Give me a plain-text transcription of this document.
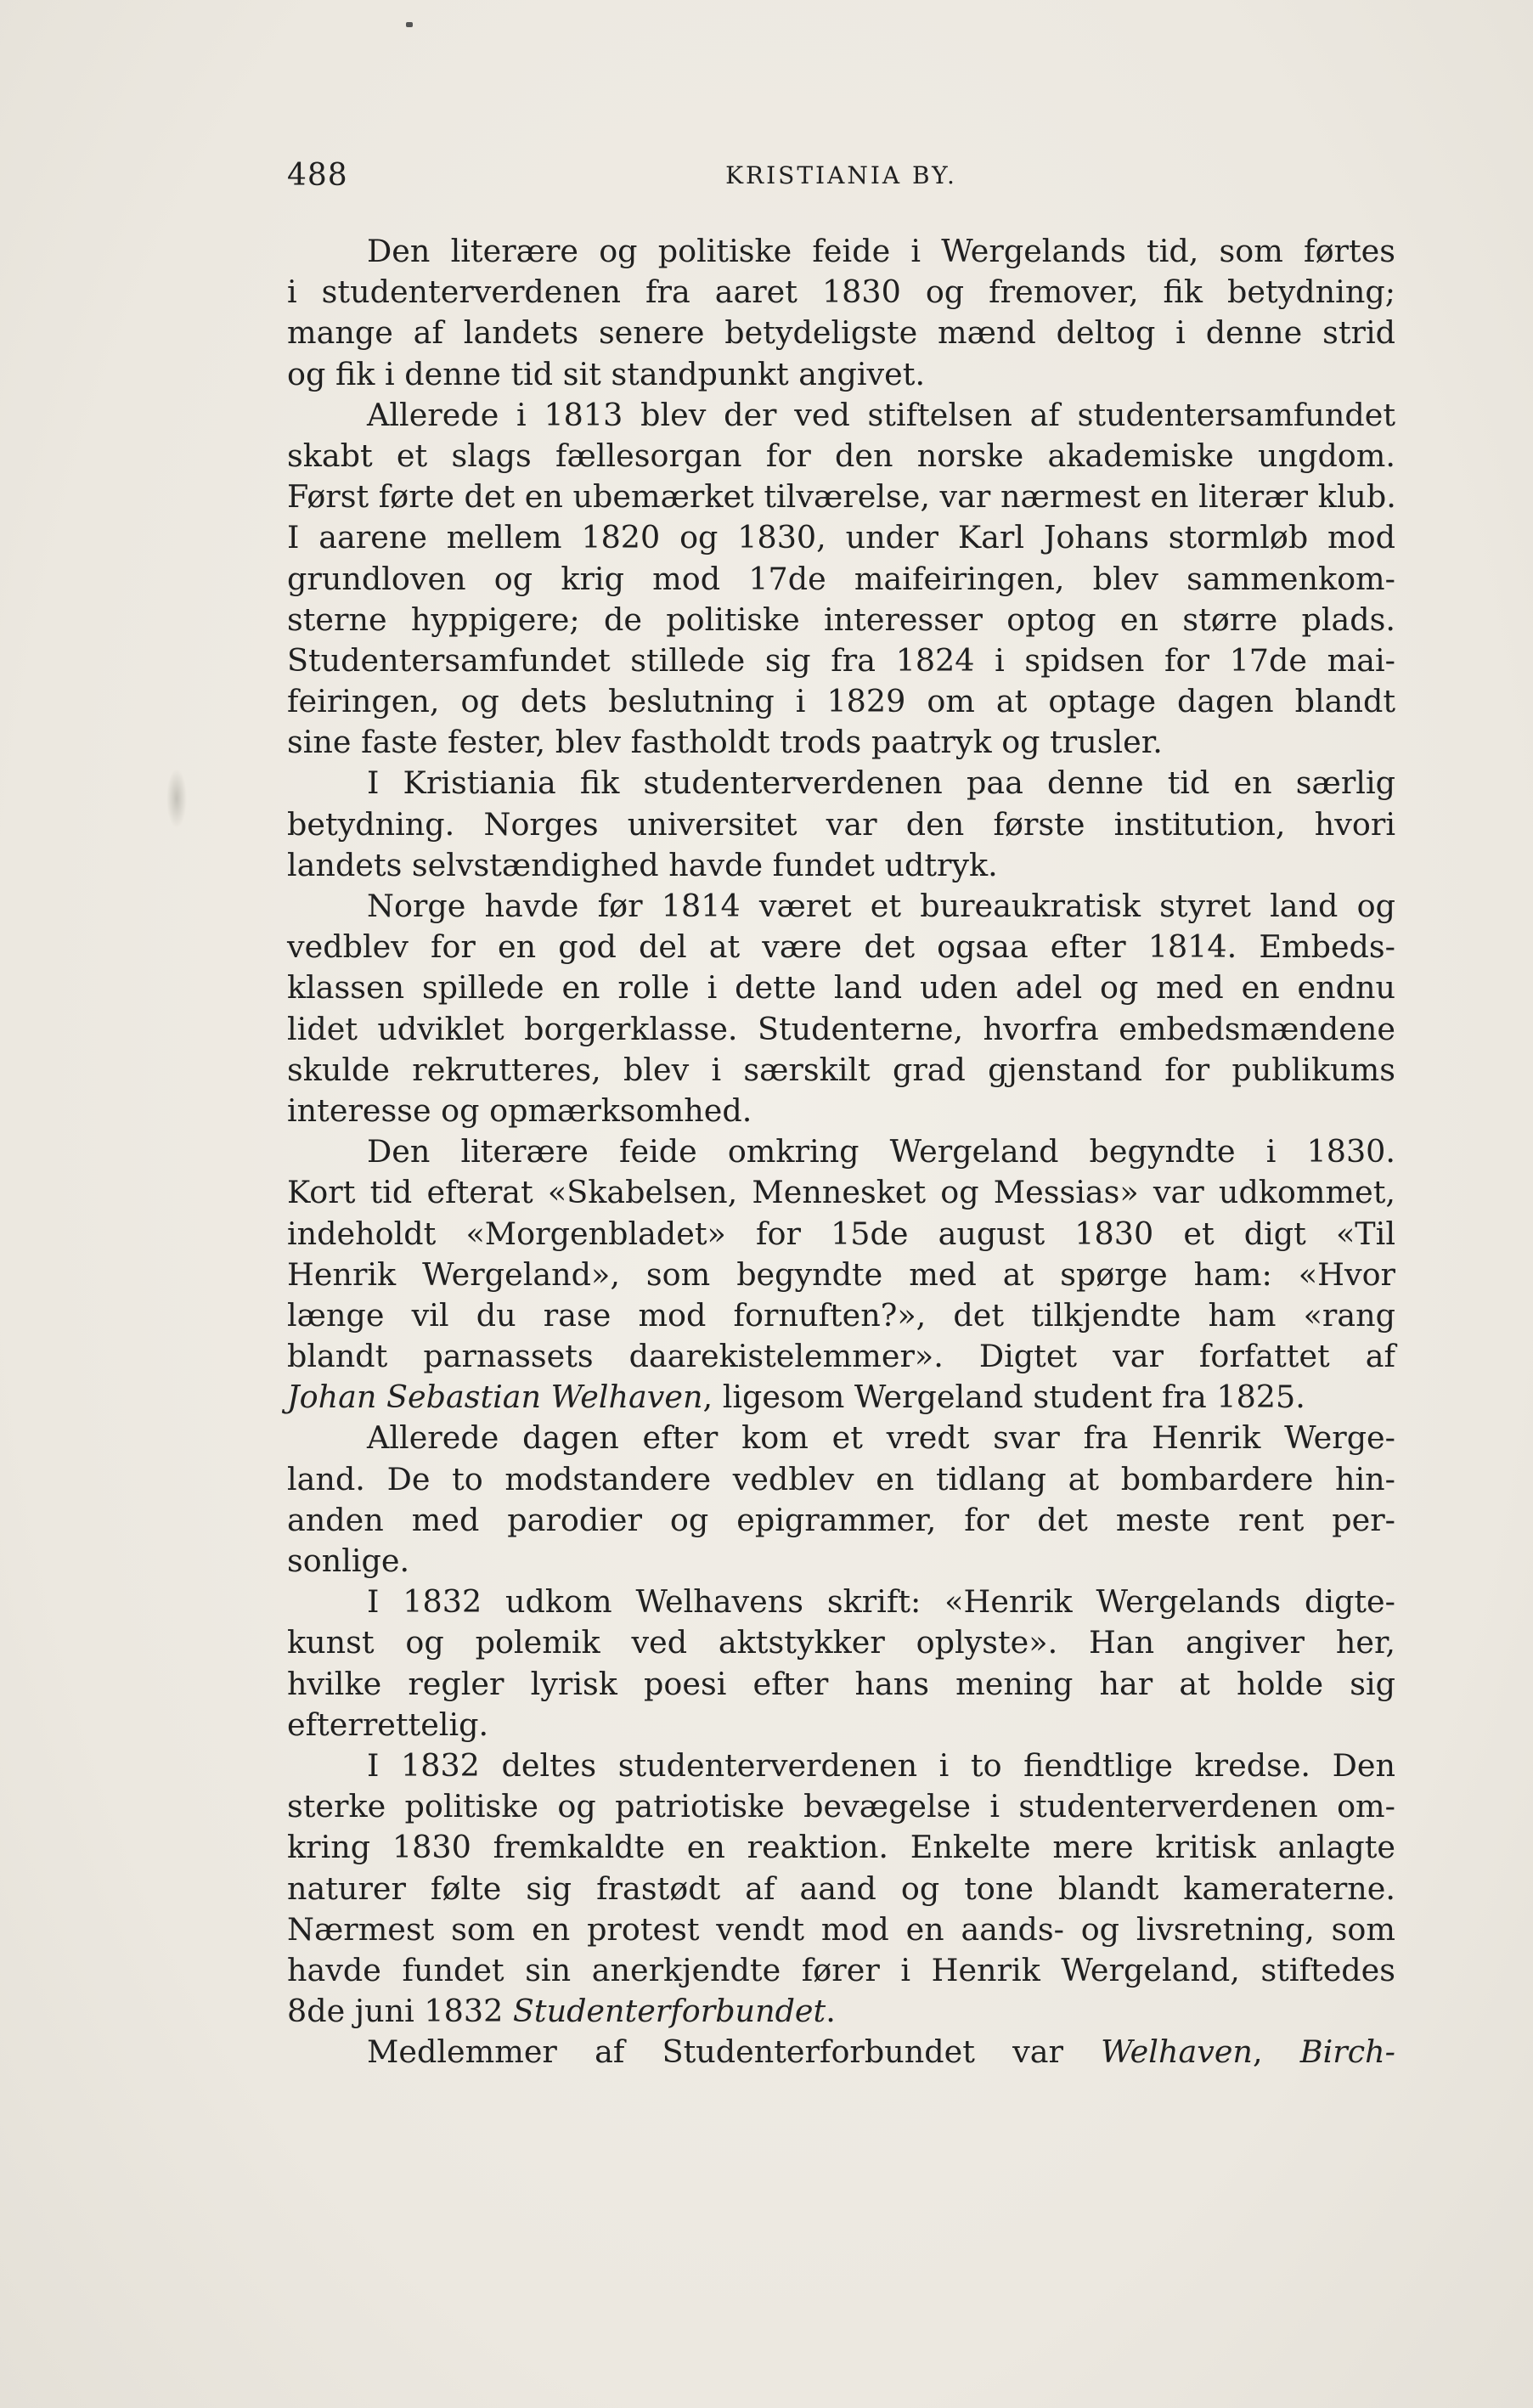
488	KRISTIANIA BY.
Den literære og politiske feide i Wergelands tid, som førtes
i studenterverdenen fra aaret 1830 og fremover, fik betydning;
mange af landets senere betydeligste mænd deltog i denne strid
og fik i denne tid sit standpunkt angivet.
Allerede i 1813 blev der ved stiftelsen af studentersamfundet
skabt et slags fællesorgan for den norske akademiske ungdom.
Først førte det en ubemærket tilværelse, var nærmest en literær klub.
I aarene mellem 1820 og 1830, under Karl Johans stormløb mod
grundloven og krig mod 17de maifeiringen, blev sammenkom-
sterne hyppigere; de politiske interesser optog en større plads.
Studentersamfundet stillede sig fra 1824 i spidsen for 17de mai-
feiringen, og dets beslutning i 1829 om at optage dagen blandt
sine faste fester, blev fastholdt trods paatryk og trusler.
I Kristiania fik studenterverdenen paa denne tid en særlig
betydning. Norges universitet var den første institution, hvori
landets selvstændighed havde fundet udtryk.
Norge havde før 1814 været et bureaukratisk styret land og
vedblev for en god del at være det ogsaa efter 1814. Embeds-
klassen spillede en rolle i dette land uden adel og med en endnu
lidet udviklet borgerklasse. Studenterne, hvorfra embedsmændene
skulde rekrutteres, blev i særskilt grad gjenstand for publikums
interesse og opmærksomhed.
Den literære feide omkring Wergeland begyndte i 1830.
Kort tid efterat «Skabelsen, Mennesket og Messias» var udkommet,
indeholdt «Morgenbladet» for 15de august 1830 et digt «Til
Henrik Wergeland», som begyndte med at spørge ham: «Hvor
længe vil du rase mod fornuften?», det tilkjendte ham «rang
blandt parnassets daarekistelemmer». Digtet var forfattet af
Johan Sebastian Welhaven, ligesom Wergeland student fra 1825.
Allerede dagen efter kom et vredt svar fra Henrik Werge-
land. De to modstandere vedblev en tidlang at bombardere hin-
anden med parodier og epigrammer, for det meste rent per-
sonlige.
I 1832 udkom Welhavens skrift: «Henrik Wergelands digte-
kunst og polemik ved aktstykker oplyste». Han angiver her,
hvilke regler lyrisk poesi efter hans mening har at holde sig
efterrettelig.
I 1832 deltes studenterverdenen i to fiendtlige kredse. Den
sterke politiske og patriotiske bevægelse i studenterverdenen om-
kring 1830 fremkaldte en reaktion. Enkelte mere kritisk anlagte
naturer følte sig frastødt af aand og tone blandt kameraterne.
Nærmest som en protest vendt mod en aands- og livsretning, som
havde fundet sin anerkjendte fører i Henrik Wergeland, stiftedes
8de juni 1832 Studenterforbundet.
Medlemmer af Studenterforbundet var Welhaven, Birch-
